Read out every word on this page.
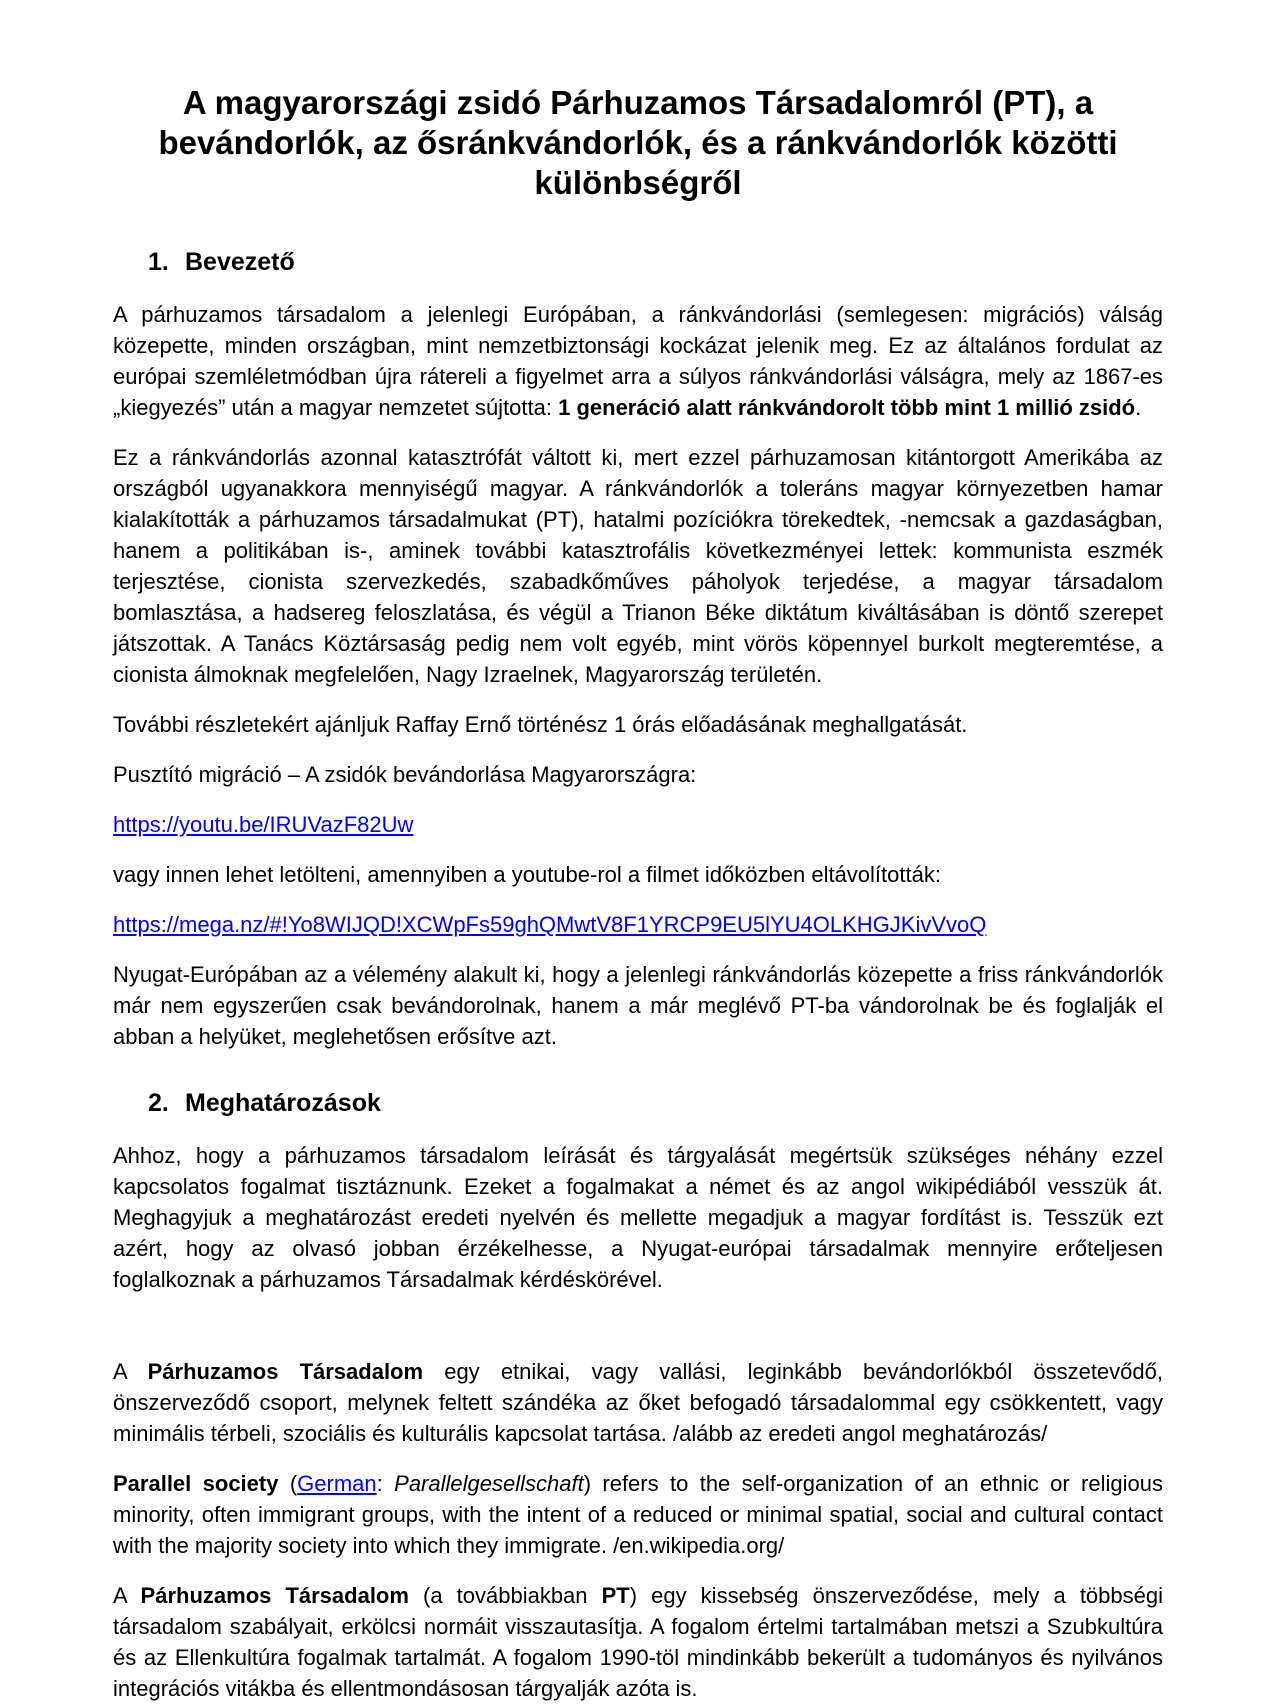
A magyarországi zsidó Párhuzamos Társadalomról (PT), a
bevándorlók, az ősránkvándorlók, és a ránkvándorlók közötti
különbségről
1. Bevezető

A párhuzamos társadalom a jelenlegi Európában, a ránkvándorlási (semlegesen: migrációs) válság közepette, minden országban, mint nemzetbiztonsági kockázat jelenik meg. Ez az általános fordulat az európai szemléletmódban újra rátereli a figyelmet arra a súlyos ránkvándorlási válságra, mely az 1867-es „kiegyezés” után a magyar nemzetet sújtotta: 1 generáció alatt ránkvándorolt több mint 1 millió zsidó.

Ez a ránkvándorlás azonnal katasztrófát váltott ki, mert ezzel párhuzamosan kitántorgott Amerikába az országból ugyanakkora mennyiségű magyar. A ránkvándorlók a toleráns magyar környezetben hamar kialakították a párhuzamos társadalmukat (PT), hatalmi pozíciókra törekedtek, -nemcsak a gazdaságban, hanem a politikában is-, aminek további katasztrofális következményei lettek: kommunista eszmék terjesztése, cionista szervezkedés, szabadkőműves páholyok terjedése, a magyar társadalom bomlasztása, a hadsereg feloszlatása, és végül a Trianon Béke diktátum kiváltásában is döntő szerepet játszottak. A Tanács Köztársaság pedig nem volt egyéb, mint vörös köpennyel burkolt megteremtése, a cionista álmoknak megfelelően, Nagy Izraelnek, Magyarország területén.

További részletekért ajánljuk Raffay Ernő történész 1 órás előadásának meghallgatását.

Pusztító migráció – A zsidók bevándorlása Magyarországra:

https://youtu.be/IRUVazF82Uw

vagy innen lehet letölteni, amennyiben a youtube-rol a filmet időközben eltávolították:

https://mega.nz/#!Yo8WIJQD!XCWpFs59ghQMwtV8F1YRCP9EU5lYU4OLKHGJKivVvoQ

Nyugat-Európában az a vélemény alakult ki, hogy a jelenlegi ránkvándorlás közepette a friss ránkvándorlók már nem egyszerűen csak bevándorolnak, hanem a már meglévő PT-ba vándorolnak be és foglalják el abban a helyüket, meglehetősen erősítve azt.

2. Meghatározások

Ahhoz, hogy a párhuzamos társadalom leírását és tárgyalását megértsük szükséges néhány ezzel kapcsolatos fogalmat tisztáznunk. Ezeket a fogalmakat a német és az angol wikipédiából vesszük át. Meghagyjuk a meghatározást eredeti nyelvén és mellette megadjuk a magyar fordítást is. Tesszük ezt azért, hogy az olvasó jobban érzékelhesse, a Nyugat-európai társadalmak mennyire erőteljesen foglalkoznak a párhuzamos Társadalmak kérdéskörével.

A Párhuzamos Társadalom egy etnikai, vagy vallási, leginkább bevándorlókból összetevődő, önszerveződő csoport, melynek feltett szándéka az őket befogadó társadalommal egy csökkentett, vagy minimális térbeli, szociális és kulturális kapcsolat tartása. /alább az eredeti angol meghatározás/

Parallel society (German: Parallelgesellschaft) refers to the self-organization of an ethnic or religious minority, often immigrant groups, with the intent of a reduced or minimal spatial, social and cultural contact with the majority society into which they immigrate. /en.wikipedia.org/

A Párhuzamos Társadalom (a továbbiakban PT) egy kissebség önszerveződése, mely a többségi társadalom szabályait, erkölcsi normáit visszautasítja. A fogalom értelmi tartalmában metszi a Szubkultúra és az Ellenkultúra fogalmak tartalmát. A fogalom 1990-töl mindinkább bekerült a tudományos és nyilvános integrációs vitákba és ellentmondásosan tárgyalják azóta is.
